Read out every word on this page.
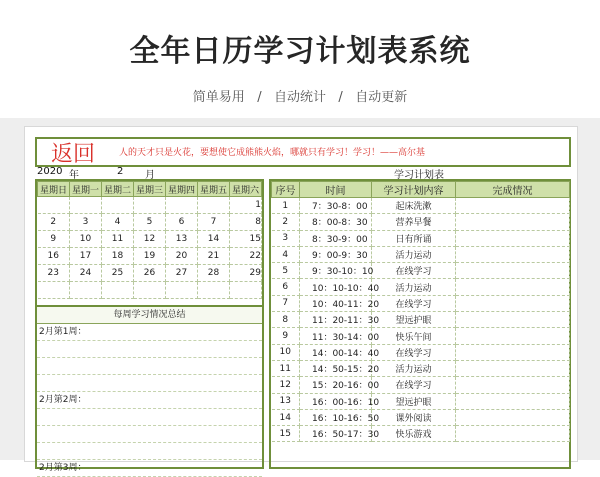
全年日历学习计划表系统
简单易用 / 自动统计 / 自动更新
返回	人的天才只是火花，要想使它成熊熊火焰，哪就只有学习！学习！——高尔基
2020 年	2 月
星期日	星期一	星期二	星期三	星期四	星期五	星期六
						1
2	3	4	5	6	7	8
9	10	11	12	13	14	15
16	17	18	19	20	21	22
23	24	25	26	27	28	29

每周学习情况总结
2月第1周：
2月第2周：
2月第3周：
学习计划表
序号	时间	学习计划内容	完成情况
1	7：30-8：00	起床洗漱	
2	8：00-8：30	营养早餐	
3	8：30-9：00	日有所诵	
4	9：00-9：30	活力运动	
5	9：30-10：10	在线学习	
6	10：10-10：40	活力运动	
7	10：40-11：20	在线学习	
8	11：20-11：30	望远护眼	
9	11：30-14：00	快乐午间	
10	14：00-14：40	在线学习	
11	14：50-15：20	活力运动	
12	15：20-16：00	在线学习	
13	16：00-16：10	望远护眼	
14	16：10-16：50	课外阅读	
15	16：50-17：30	快乐游戏	
